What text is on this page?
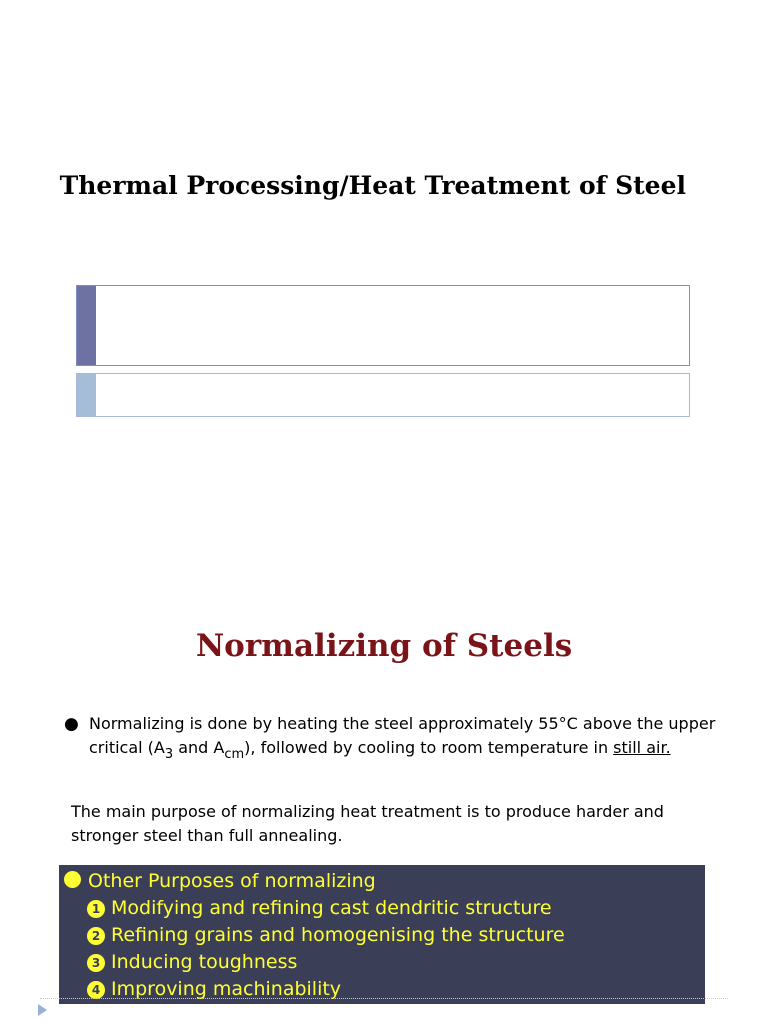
Thermal Processing/Heat Treatment of Steel
Normalizing of Steels
● Normalizing is done by heating the steel approximately 55°C above the upper critical ($A_3$ and $A_{cm}$), followed by cooling to room temperature in still air.
The main purpose of normalizing heat treatment is to produce harder and stronger steel than full annealing.
Other Purposes of normalizing
1 Modifying and refining cast dendritic structure
2 Refining grains and homogenising the structure
3 Inducing toughness
4 Improving machinability
